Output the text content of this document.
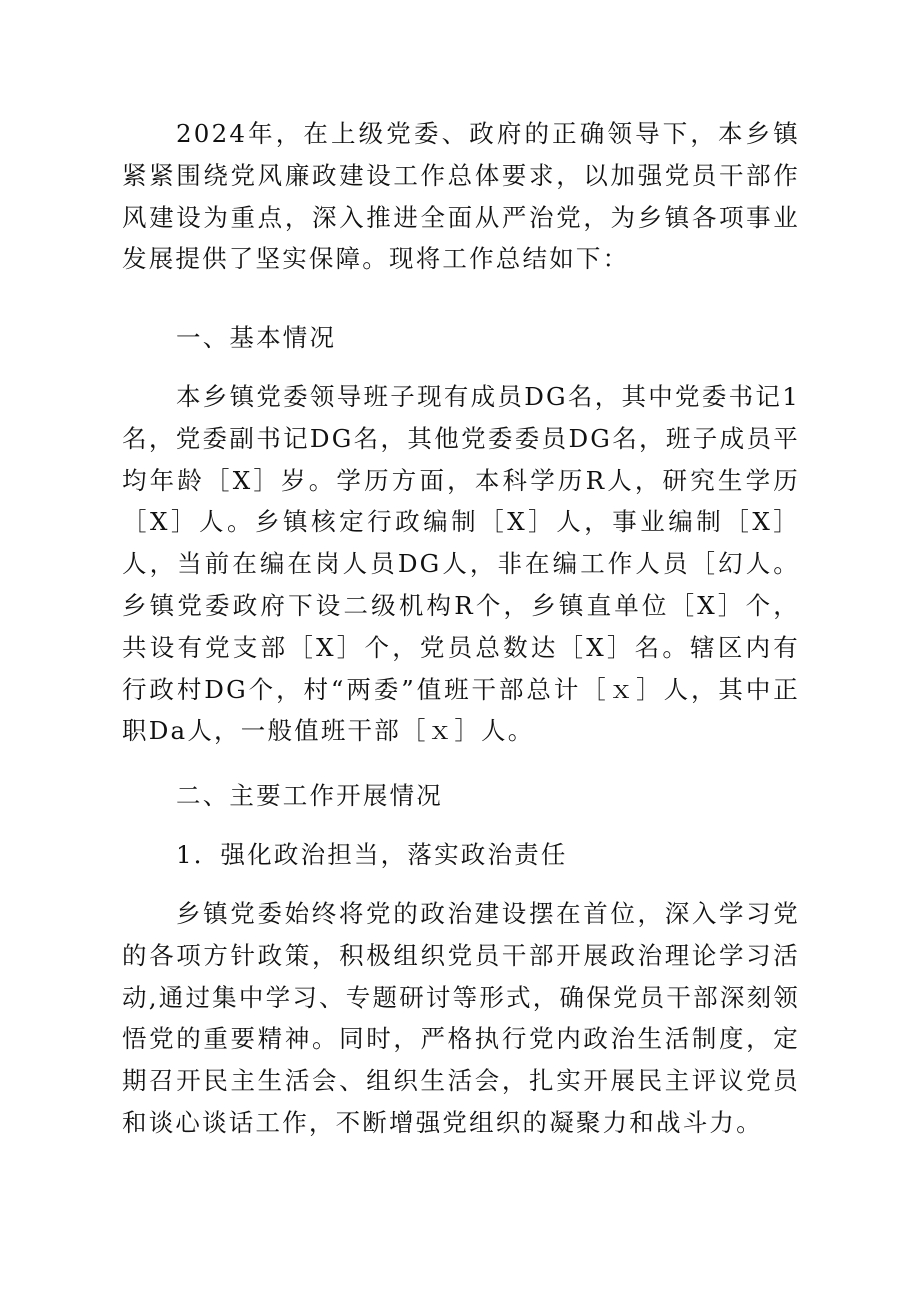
2024年，在上级党委、政府的正确领导下，本乡镇紧紧围绕党风廉政建设工作总体要求，以加强党员干部作风建设为重点，深入推进全面从严治党，为乡镇各项事业发展提供了坚实保障。现将工作总结如下：

一、基本情况

本乡镇党委领导班子现有成员DG名，其中党委书记1名，党委副书记DG名，其他党委委员DG名，班子成员平均年龄［X］岁。学历方面，本科学历R人，研究生学历［X］人。乡镇核定行政编制［X］人，事业编制［X］人，当前在编在岗人员DG人，非在编工作人员［幻人。乡镇党委政府下设二级机构R个，乡镇直单位［X］个，共设有党支部［X］个，党员总数达［X］名。辖区内有行政村DG个，村“两委”值班干部总计［ｘ］人，其中正职Da人，一般值班干部［ｘ］人。

二、主要工作开展情况

1．强化政治担当，落实政治责任

乡镇党委始终将党的政治建设摆在首位，深入学习党的各项方针政策，积极组织党员干部开展政治理论学习活动,通过集中学习、专题研讨等形式，确保党员干部深刻领悟党的重要精神。同时，严格执行党内政治生活制度，定期召开民主生活会、组织生活会，扎实开展民主评议党员和谈心谈话工作，不断增强党组织的凝聚力和战斗力。
